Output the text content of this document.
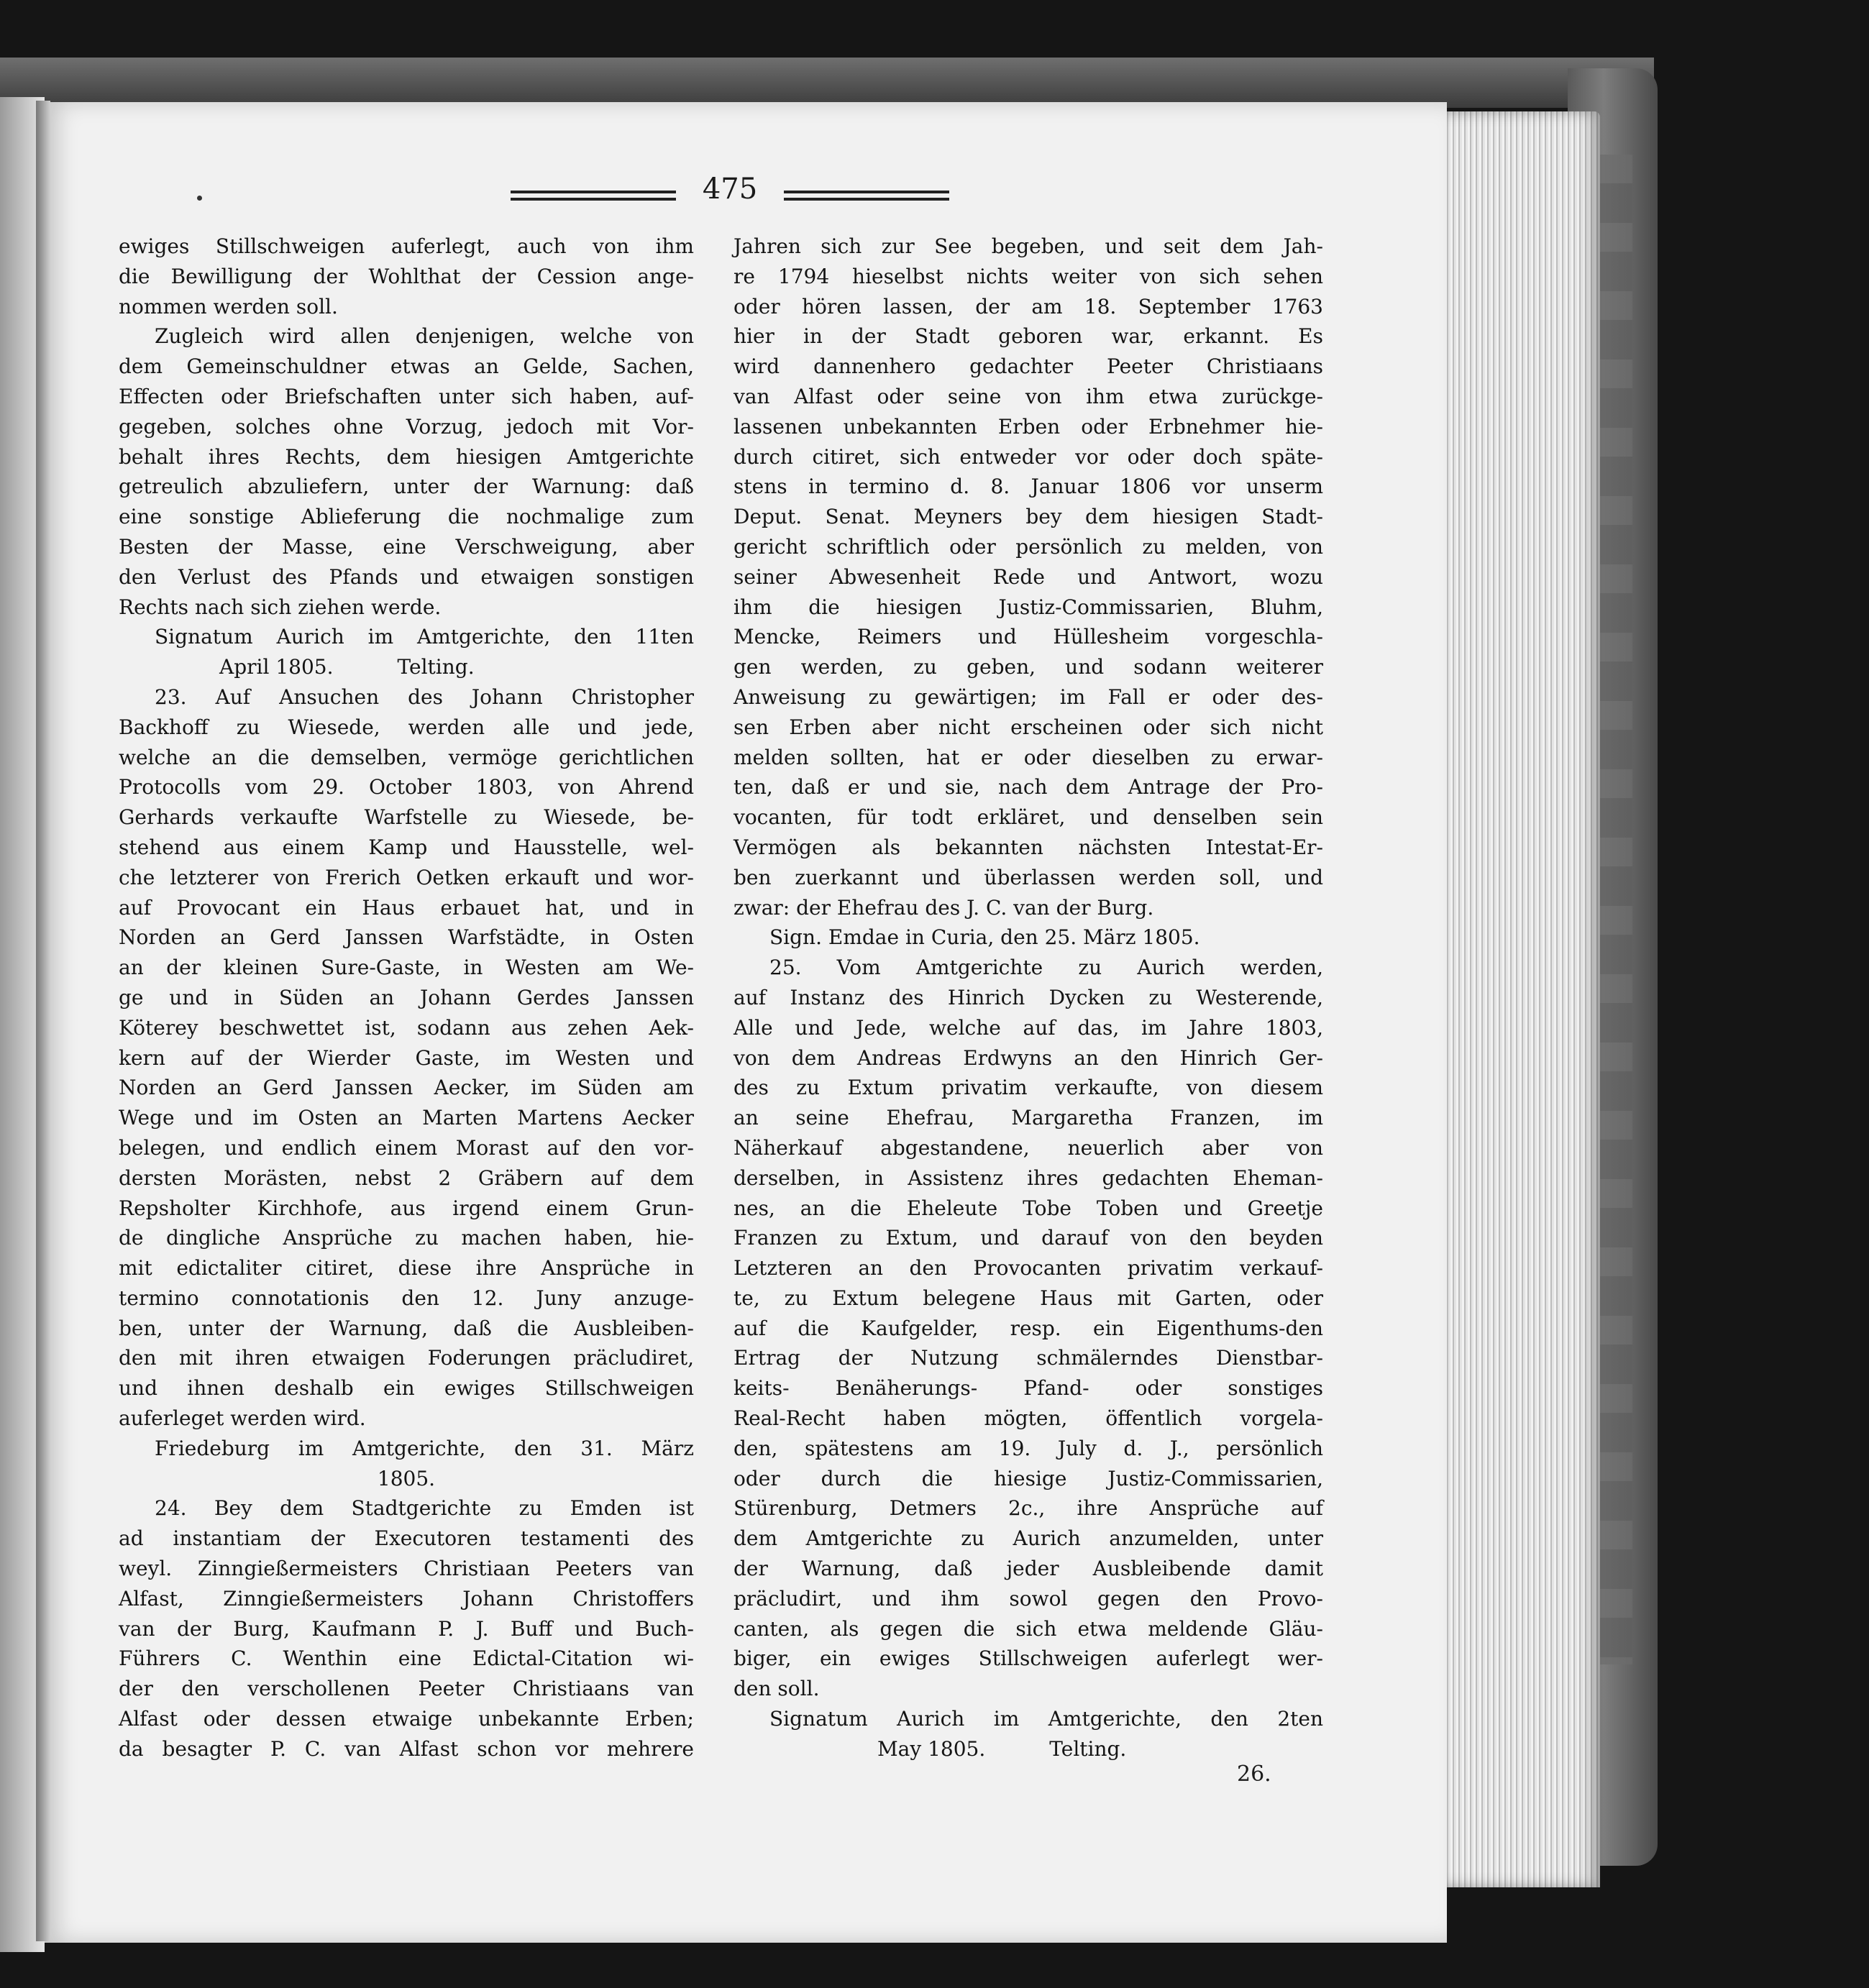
475

ewiges Stillschweigen auferlegt, auch von ihm

die Bewilligung der Wohlthat der Cession ange-

nommen werden soll.

Zugleich wird allen denjenigen, welche von

dem Gemeinschuldner etwas an Gelde, Sachen,

Effecten oder Briefschaften unter sich haben, auf-

gegeben, solches ohne Vorzug, jedoch mit Vor-

behalt ihres Rechts, dem hiesigen Amtgerichte

getreulich abzuliefern, unter der Warnung: daß

eine sonstige Ablieferung die nochmalige zum

Besten der Masse, eine Verschweigung, aber

den Verlust des Pfands und etwaigen sonstigen

Rechts nach sich ziehen werde.

Signatum Aurich im Amtgerichte, den 11ten

April 1805.          Telting.

23. Auf Ansuchen des Johann Christopher

Backhoff zu Wiesede, werden alle und jede,

welche an die demselben, vermöge gerichtlichen

Protocolls vom 29. October 1803, von Ahrend

Gerhards verkaufte Warfstelle zu Wiesede, be-

stehend aus einem Kamp und Hausstelle, wel-

che letzterer von Frerich Oetken erkauft und wor-

auf Provocant ein Haus erbauet hat, und in

Norden an Gerd Janssen Warfstädte, in Osten

an der kleinen Sure-Gaste, in Westen am We-

ge und in Süden an Johann Gerdes Janssen

Köterey beschwettet ist, sodann aus zehen Aek-

kern auf der Wierder Gaste, im Westen und

Norden an Gerd Janssen Aecker, im Süden am

Wege und im Osten an Marten Martens Aecker

belegen, und endlich einem Morast auf den vor-

dersten Morästen, nebst 2 Gräbern auf dem

Repsholter Kirchhofe, aus irgend einem Grun-

de dingliche Ansprüche zu machen haben, hie-

mit edictaliter citiret, diese ihre Ansprüche in

termino connotationis den 12. Juny anzuge-

ben, unter der Warnung, daß die Ausbleiben-

den mit ihren etwaigen Foderungen präcludiret,

und ihnen deshalb ein ewiges Stillschweigen

auferleget werden wird.

Friedeburg im Amtgerichte, den 31. März

1805.

24. Bey dem Stadtgerichte zu Emden ist

ad instantiam der Executoren testamenti des

weyl. Zinngießermeisters Christiaan Peeters van

Alfast, Zinngießermeisters Johann Christoffers

van der Burg, Kaufmann P. J. Buff und Buch-

Führers C. Wenthin eine Edictal-Citation wi-

der den verschollenen Peeter Christiaans van

Alfast oder dessen etwaige unbekannte Erben;

da besagter P. C. van Alfast schon vor mehrere

Jahren sich zur See begeben, und seit dem Jah-

re 1794 hieselbst nichts weiter von sich sehen

oder hören lassen, der am 18. September 1763

hier in der Stadt geboren war, erkannt. Es

wird dannenhero gedachter Peeter Christiaans

van Alfast oder seine von ihm etwa zurückge-

lassenen unbekannten Erben oder Erbnehmer hie-

durch citiret, sich entweder vor oder doch späte-

stens in termino d. 8. Januar 1806 vor unserm

Deput. Senat. Meyners bey dem hiesigen Stadt-

gericht schriftlich oder persönlich zu melden, von

seiner Abwesenheit Rede und Antwort, wozu

ihm die hiesigen Justiz-Commissarien, Bluhm,

Mencke, Reimers und Hüllesheim vorgeschla-

gen werden, zu geben, und sodann weiterer

Anweisung zu gewärtigen; im Fall er oder des-

sen Erben aber nicht erscheinen oder sich nicht

melden sollten, hat er oder dieselben zu erwar-

ten, daß er und sie, nach dem Antrage der Pro-

vocanten, für todt erkläret, und denselben sein

Vermögen als bekannten nächsten Intestat-Er-

ben zuerkannt und überlassen werden soll, und

zwar: der Ehefrau des J. C. van der Burg.

Sign. Emdae in Curia, den 25. März 1805.

25. Vom Amtgerichte zu Aurich werden,

auf Instanz des Hinrich Dycken zu Westerende,

Alle und Jede, welche auf das, im Jahre 1803,

von dem Andreas Erdwyns an den Hinrich Ger-

des zu Extum privatim verkaufte, von diesem

an seine Ehefrau, Margaretha Franzen, im

Näherkauf abgestandene, neuerlich aber von

derselben, in Assistenz ihres gedachten Eheman-

nes, an die Eheleute Tobe Toben und Greetje

Franzen zu Extum, und darauf von den beyden

Letzteren an den Provocanten privatim verkauf-

te, zu Extum belegene Haus mit Garten, oder

auf die Kaufgelder, resp. ein Eigenthums-den

Ertrag der Nutzung schmälerndes Dienstbar-

keits- Benäherungs- Pfand- oder sonstiges

Real-Recht haben mögten, öffentlich vorgela-

den, spätestens am 19. July d. J., persönlich

oder durch die hiesige Justiz-Commissarien,

Stürenburg, Detmers 2c., ihre Ansprüche auf

dem Amtgerichte zu Aurich anzumelden, unter

der Warnung, daß jeder Ausbleibende damit

präcludirt, und ihm sowol gegen den Provo-

canten, als gegen die sich etwa meldende Gläu-

biger, ein ewiges Stillschweigen auferlegt wer-

den soll.

Signatum Aurich im Amtgerichte, den 2ten

May 1805.          Telting.

26.
